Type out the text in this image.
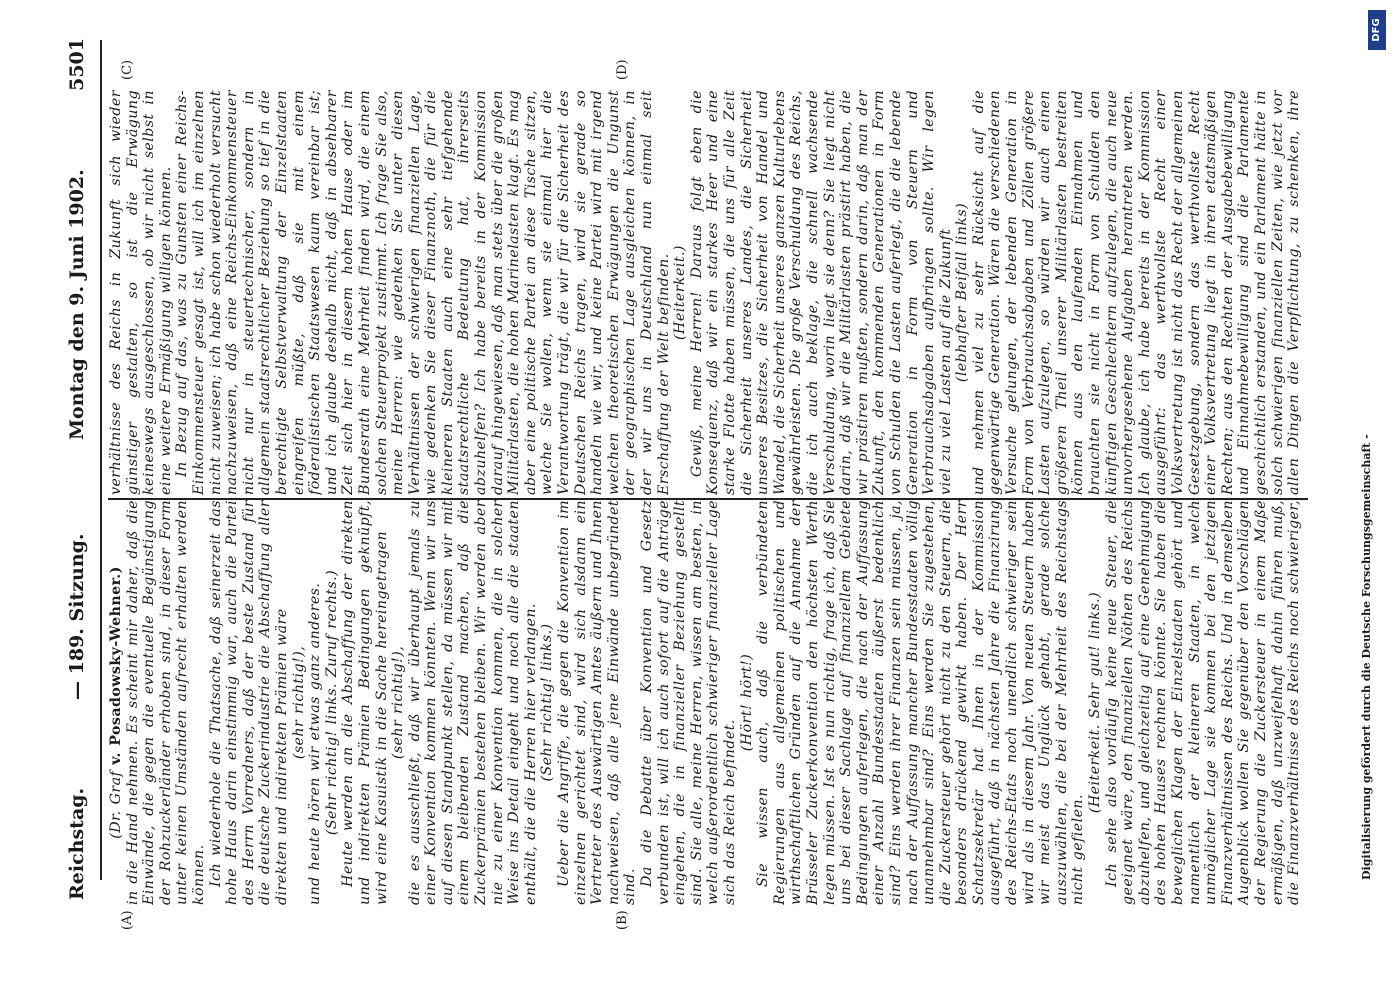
Reichstag.
— 189. Sitzung.
Montag den 9. Juni 1902.
5501
(A)	(B)
(C)	(D)

(Dr. Graf v. Posadowsky-Wehner.) in die Hand nehmen. Es scheint mir daher, daß die Einwände, die gegen die eventuelle Begünstigung der Rohzuckerländer erhoben sind, in dieser Form unter keinen Umständen aufrecht erhalten werden können. Ich wiederhole die Thatsache, daß seinerzeit das hohe Haus darin einstimmig war, auch die Partei des Herrn Vorredners, daß der beste Zustand für die deutsche Zuckerindustrie die Abschaffung aller direkten und indirekten Prämien wäre (sehr richtig!), und heute hören wir etwas ganz anderes. (Sehr richtig! links. Zuruf rechts.) Heute werden an die Abschaffung der direkten und indirekten Prämien Bedingungen geknüpft, wird eine Kasuistik in die Sache hereingetragen (sehr richtig!), die es ausschließt, daß wir überhaupt jemals zu einer Konvention kommen könnten. Wenn wir uns auf diesen Standpunkt stellen, da müssen wir mit einem bleibenden Zustand machen, daß die Zuckerprämien bestehen bleiben. Wir werden aber nie zu einer Konvention kommen, die in solcher Weise ins Detail eingeht und noch alle die staaten enthält, die die Herren hier verlangen. (Sehr richtig! links.) Ueber die Angriffe, die gegen die Konvention im einzelnen gerichtet sind, wird sich alsdann ein Vertreter des Auswärtigen Amtes äußern und Ihnen nachweisen, daß alle jene Einwände unbegründet sind. Da die Debatte über Konvention und Gesetz verbunden ist, will ich auch sofort auf die Anträge eingehen, die in finanzieller Beziehung gestellt sind. Sie alle, meine Herren, wissen am besten, in welch außerordentlich schwieriger finanzieller Lage sich das Reich befindet.

(Hört! hört!) Sie wissen auch, daß die verbündeten Regierungen aus allgemeinen politischen und wirthschaftlichen Gründen auf die Annahme der Brüsseler Zuckerkonvention den höchsten Werth legen müssen. Ist es nun richtig, frage ich, daß Sie uns bei dieser Sachlage auf finanziellem Gebiete Bedingungen auferlegen, die nach der Auffassung einer Anzahl Bundesstaaten äußerst bedenklich sind? Eins werden ihrer Finanzen sein müssen, ja, nach der Auffassung mancher Bundesstaaten völlig unannehmbar sind? Eins werden Sie zugestehen, die Zuckersteuer gehört nicht zu den Steuern, die besonders drückend gewirkt haben. Der Herr Schatzsekretär hat Ihnen in der Kommission ausgeführt, daß in nächsten Jahre die Finanzirung des Reichs-Etats noch unendlich schwieriger sein wird als in diesem Jahr. Von neuen Steuern haben wir meist das Unglück gehabt, gerade solche auszuwählen, die bei der Mehrheit des Reichstags nicht gefielen.

(Heiterkeit. Sehr gut! links.)

Ich sehe also vorläufig keine neue Steuer, die geeignet wäre, den finanziellen Nöthen des Reichs abzuhelfen, und gleichzeitig auf eine Genehmigung des hohen Hauses rechnen könnte. Sie haben die beweglichen Klagen der Einzelstaaten gehört und namentlich der kleineren Staaten, in welch unmöglicher Lage sie kommen bei den jetzigen Finanzverhältnissen des Reichs. Und in demselben Augenblick wollen Sie gegenüber den Vorschlägen der Regierung die Zuckersteuer in einem Maße ermäßigen, daß unzweifelhaft dahin führen muß, die Finanzverhältnisse des Reichs noch schwieriger,

verhältnisse des Reichs in Zukunft sich wieder günstiger gestalten, so ist die Erwägung keineswegs ausgeschlossen, ob wir nicht selbst in eine weitere Ermäßigung willigen können. In Bezug auf das, was zu Gunsten einer Reichs-Einkommensteuer gesagt ist, will ich im einzelnen nicht zuweisen; ich habe schon wiederholt versucht nachzuweisen, daß eine Reichs-Einkommensteuer nicht nur in steuertechnischer, sondern in allgemein staatsrechtlicher Beziehung so tief in die berechtigte Selbstverwaltung der Einzelstaaten eingreifen müßte, daß sie mit einem föderalistischen Staatswesen kaum vereinbar ist; und ich glaube deshalb nicht, daß in absehbarer Zeit sich hier in diesem hohen Hause oder im Bundesrath eine Mehrheit finden wird, die einem solchen Steuerprojekt zustimmt. Ich frage Sie also, meine Herren: wie gedenken Sie unter diesen Verhältnissen der schwierigen finanziellen Lage, wie gedenken Sie dieser Finanznoth, die für die kleineren Staaten auch eine sehr tiefgehende staatsrechtliche Bedeutung hat, ihrerseits abzuhelfen? Ich habe bereits in der Kommission darauf hingewiesen, daß man stets über die großen Militärlasten, die hohen Marinelasten klagt. Es mag aber eine politische Partei an diese Tische sitzen, welche Sie wollen, wenn sie einmal hier die Verantwortung trägt, die wir für die Sicherheit des Deutschen Reichs tragen, wird sie gerade so handeln wie wir, und keine Partei wird mit irgend welchen theoretischen Erwägungen die Ungunst der geographischen Lage ausgleichen können, in der wir uns in Deutschland nun einmal seit Erschaffung der Welt befinden. (Heiterkeit.) Gewiß, meine Herren! Daraus folgt eben die Konsequenz, daß wir ein starkes Heer und eine starke Flotte haben müssen, die uns für alle Zeit die Sicherheit unseres Landes, die Sicherheit unseres Besitzes, die Sicherheit von Handel und Wandel, die Sicherheit unseres ganzen Kulturlebens gewährleisten. Die große Verschuldung des Reichs, die ich auch beklage, die schnell wachsende Verschuldung, worin liegt sie denn? Sie liegt nicht darin, daß wir die Militärlasten prästirt haben, die wir prästiren mußten, sondern darin, daß man der Zukunft, den kommenden Generationen in Form von Schulden die Lasten auferlegt, die die lebende Generation in Form von Steuern und Verbrauchsabgaben aufbringen sollte. Wir legen viel zu viel Lasten auf die Zukunft (lebhafter Beifall links)

und nehmen viel zu sehr Rücksicht auf die gegenwärtige Generation. Wären die verschiedenen Versuche gelungen, der lebenden Generation in Form von Verbrauchsabgaben und Zöllen größere Lasten aufzulegen, so würden wir auch einen größeren Theil unserer Militärlasten bestreiten können aus den laufenden Einnahmen und brauchten sie nicht in Form von Schulden den künftigen Geschlechtern aufzulegen, die auch neue unvorhergesehene Aufgaben herantreten werden. Ich glaube, ich habe bereits in der Kommission ausgeführt: das werthvollste Recht einer Volksvertretung ist nicht das Recht der allgemeinen Gesetzgebung, sondern das werthvollste Recht einer Volksvertretung liegt in ihren etatsmäßigen Rechten; aus den Rechten der Ausgabebewilligung und Einnahmebewilligung sind die Parlamente geschichtlich erstanden, und ein Parlament hätte in solch schwierigen finanziellen Zeiten, wie jetzt vor allen Dingen die Verpflichtung, zu schenken, ihre

Digitalisierung gefördert durch die Deutsche Forschungsgemeinschaft -
DFG
